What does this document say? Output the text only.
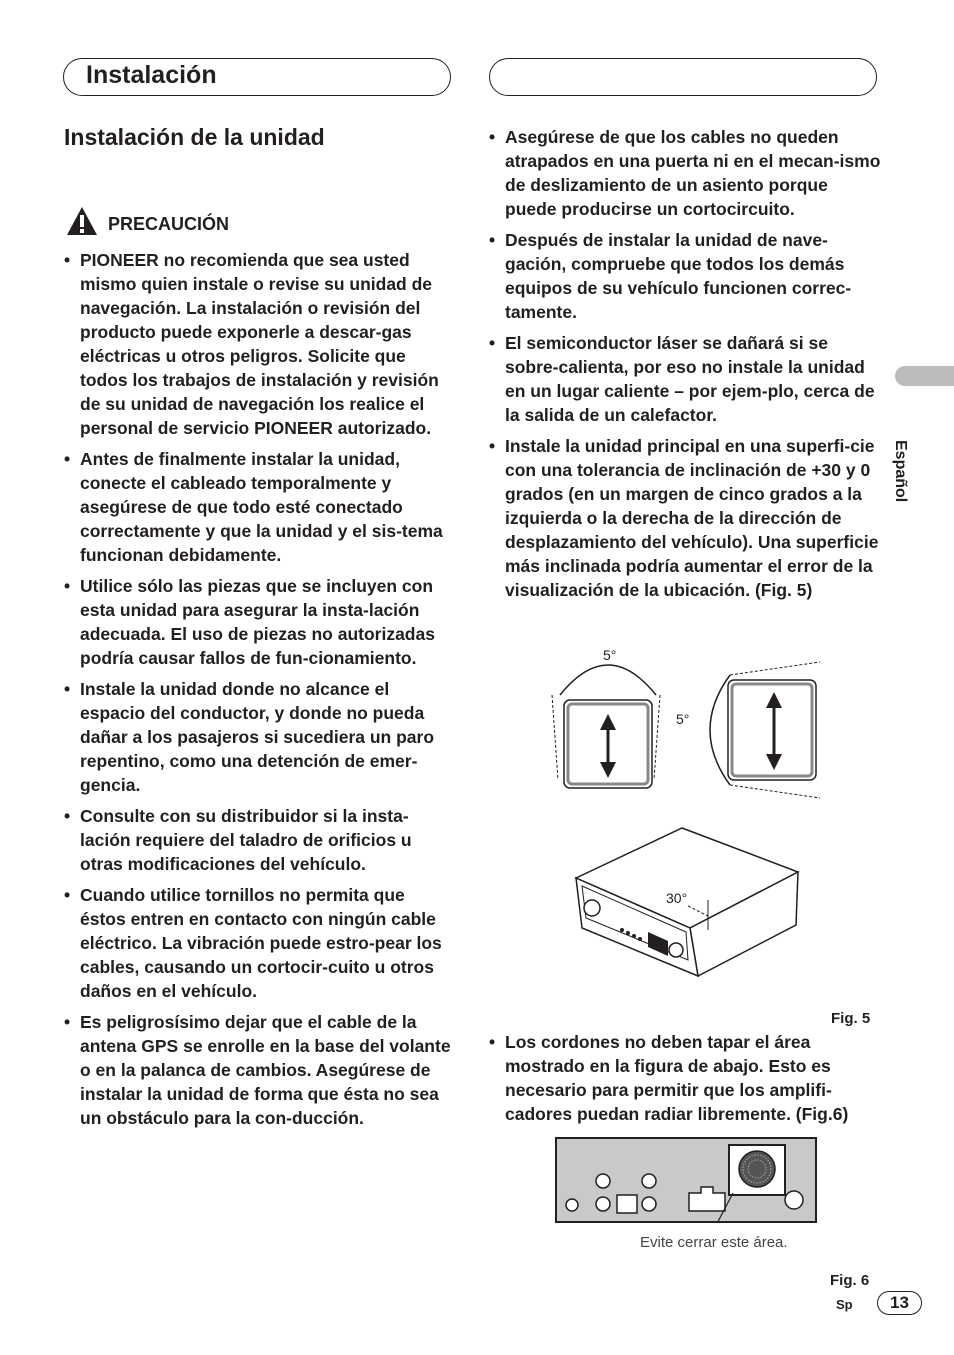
Instalación
Instalación de la unidad
PRECAUCIÓN
• PIONEER no recomienda que sea usted mismo quien instale o revise su unidad de navegación. La instalación o revisión del producto puede exponerle a descar-gas eléctricas u otros peligros. Solicite que todos los trabajos de instalación y revisión de su unidad de navegación los realice el personal de servicio PIONEER autorizado.
• Antes de finalmente instalar la unidad, conecte el cableado temporalmente y asegúrese de que todo esté conectado correctamente y que la unidad y el sis-tema funcionan debidamente.
• Utilice sólo las piezas que se incluyen con esta unidad para asegurar la insta-lación adecuada. El uso de piezas no autorizadas podría causar fallos de fun-cionamiento.
• Instale la unidad donde no alcance el espacio del conductor, y donde no pueda dañar a los pasajeros si sucediera un paro repentino, como una detención de emer-gencia.
• Consulte con su distribuidor si la insta-lación requiere del taladro de orificios u otras modificaciones del vehículo.
• Cuando utilice tornillos no permita que éstos entren en contacto con ningún cable eléctrico. La vibración puede estro-pear los cables, causando un cortocir-cuito u otros daños en el vehículo.
• Es peligrosísimo dejar que el cable de la antena GPS se enrolle en la base del volante o en la palanca de cambios. Asegúrese de instalar la unidad de forma que ésta no sea un obstáculo para la con-ducción.
• Asegúrese de que los cables no queden atrapados en una puerta ni en el mecan-ismo de deslizamiento de un asiento porque puede producirse un cortocircuito.
• Después de instalar la unidad de nave-gación, compruebe que todos los demás equipos de su vehículo funcionen correc-tamente.
• El semiconductor láser se dañará si se sobre-calienta, por eso no instale la unidad en un lugar caliente – por ejem-plo, cerca de la salida de un calefactor.
• Instale la unidad principal en una superfi-cie con una tolerancia de inclinación de +30 y 0 grados (en un margen de cinco grados a la izquierda o la derecha de la dirección de desplazamiento del vehículo). Una superficie más inclinada podría aumentar el error de la visualización de la ubicación. (Fig. 5)
5°
5°
30°
Fig. 5
• Los cordones no deben tapar el área mostrado en la figura de abajo. Esto es necesario para permitir que los amplifi-cadores puedan radiar libremente. (Fig.6)
Evite cerrar este área.
Fig. 6
Español
Sp	13
